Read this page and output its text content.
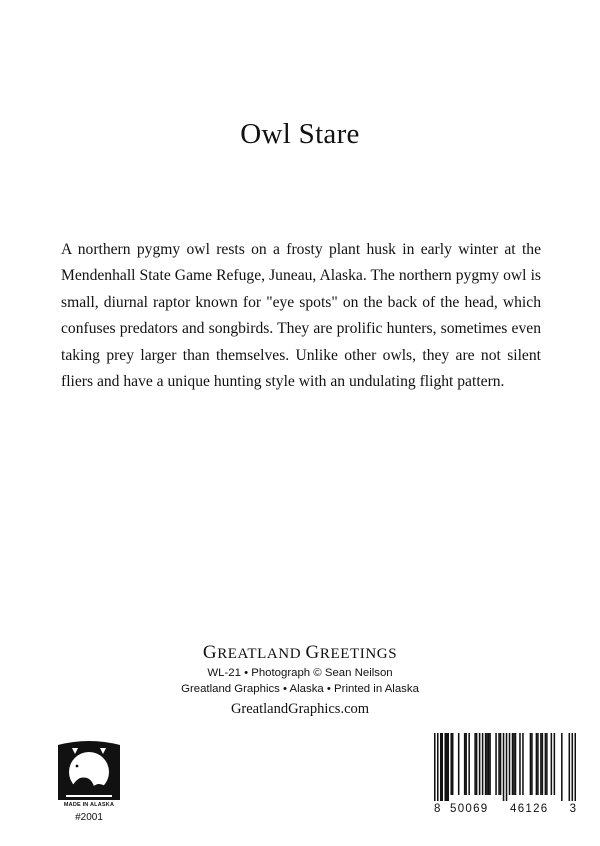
Owl Stare

A northern pygmy owl rests on a frosty plant husk in early winter at the Mendenhall State Game Refuge, Juneau, Alaska. The northern pygmy owl is small, diurnal raptor known for "eye spots" on the back of the head, which confuses predators and songbirds. They are prolific hunters, sometimes even taking prey larger than themselves. Unlike other owls, they are not silent fliers and have a unique hunting style with an undulating flight pattern.

GREATLAND GREETINGS
WL-21 • Photograph © Sean Neilson
Greatland Graphics • Alaska • Printed in Alaska
GreatlandGraphics.com
MADE IN ALASKA
#2001
8 50069 46126 3
